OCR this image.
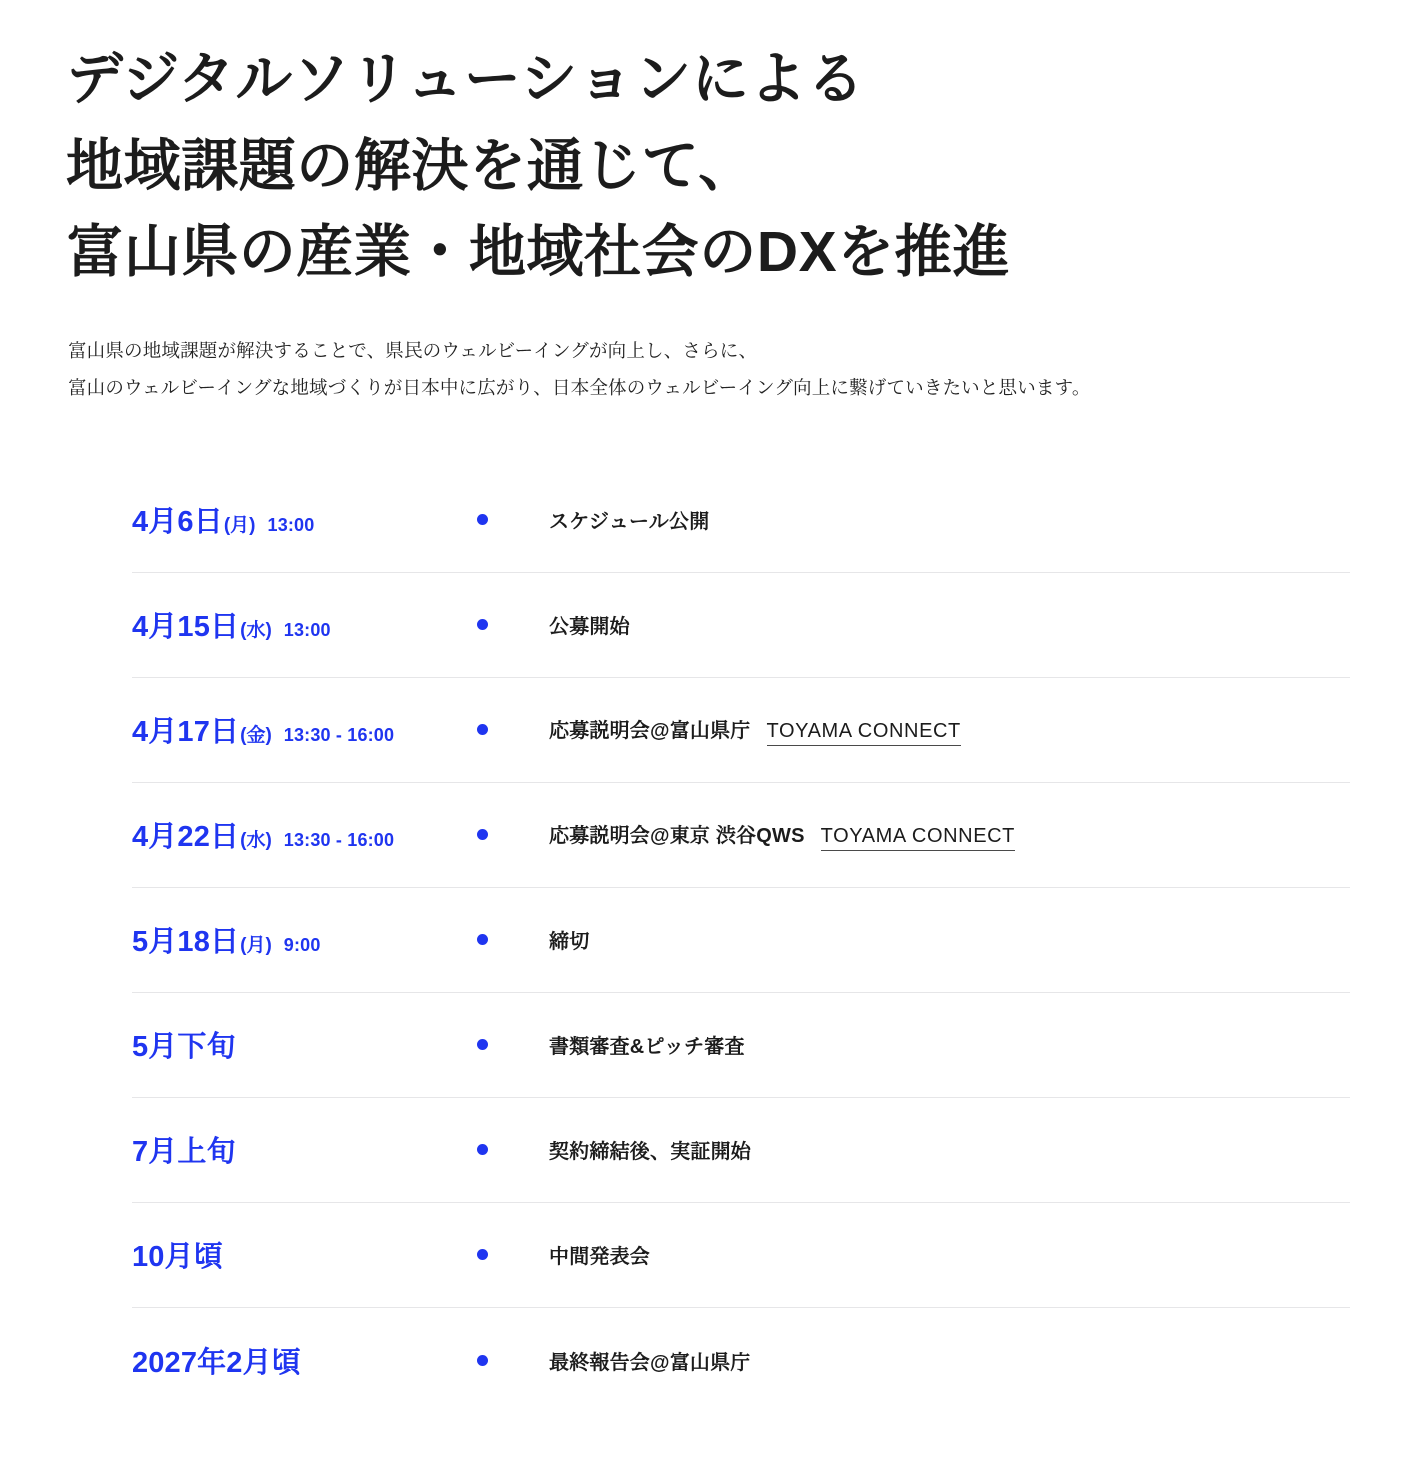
デジタルソリューションによる
地域課題の解決を通じて、
富山県の産業・地域社会のDXを推進

富山県の地域課題が解決することで、県民のウェルビーイングが向上し、さらに、
富山のウェルビーイングな地域づくりが日本中に広がり、日本全体のウェルビーイング向上に繋げていきたいと思います。

4月6日 (月) 13:00	スケジュール公開
4月15日 (水) 13:00	公募開始
4月17日 (金) 13:30 - 16:00	応募説明会@富山県庁 TOYAMA CONNECT
4月22日 (水) 13:30 - 16:00	応募説明会@東京 渋谷QWS TOYAMA CONNECT
5月18日 (月) 9:00	締切
5月下旬	書類審査&ピッチ審査
7月上旬	契約締結後、実証開始
10月頃	中間発表会
2027年2月頃	最終報告会@富山県庁
